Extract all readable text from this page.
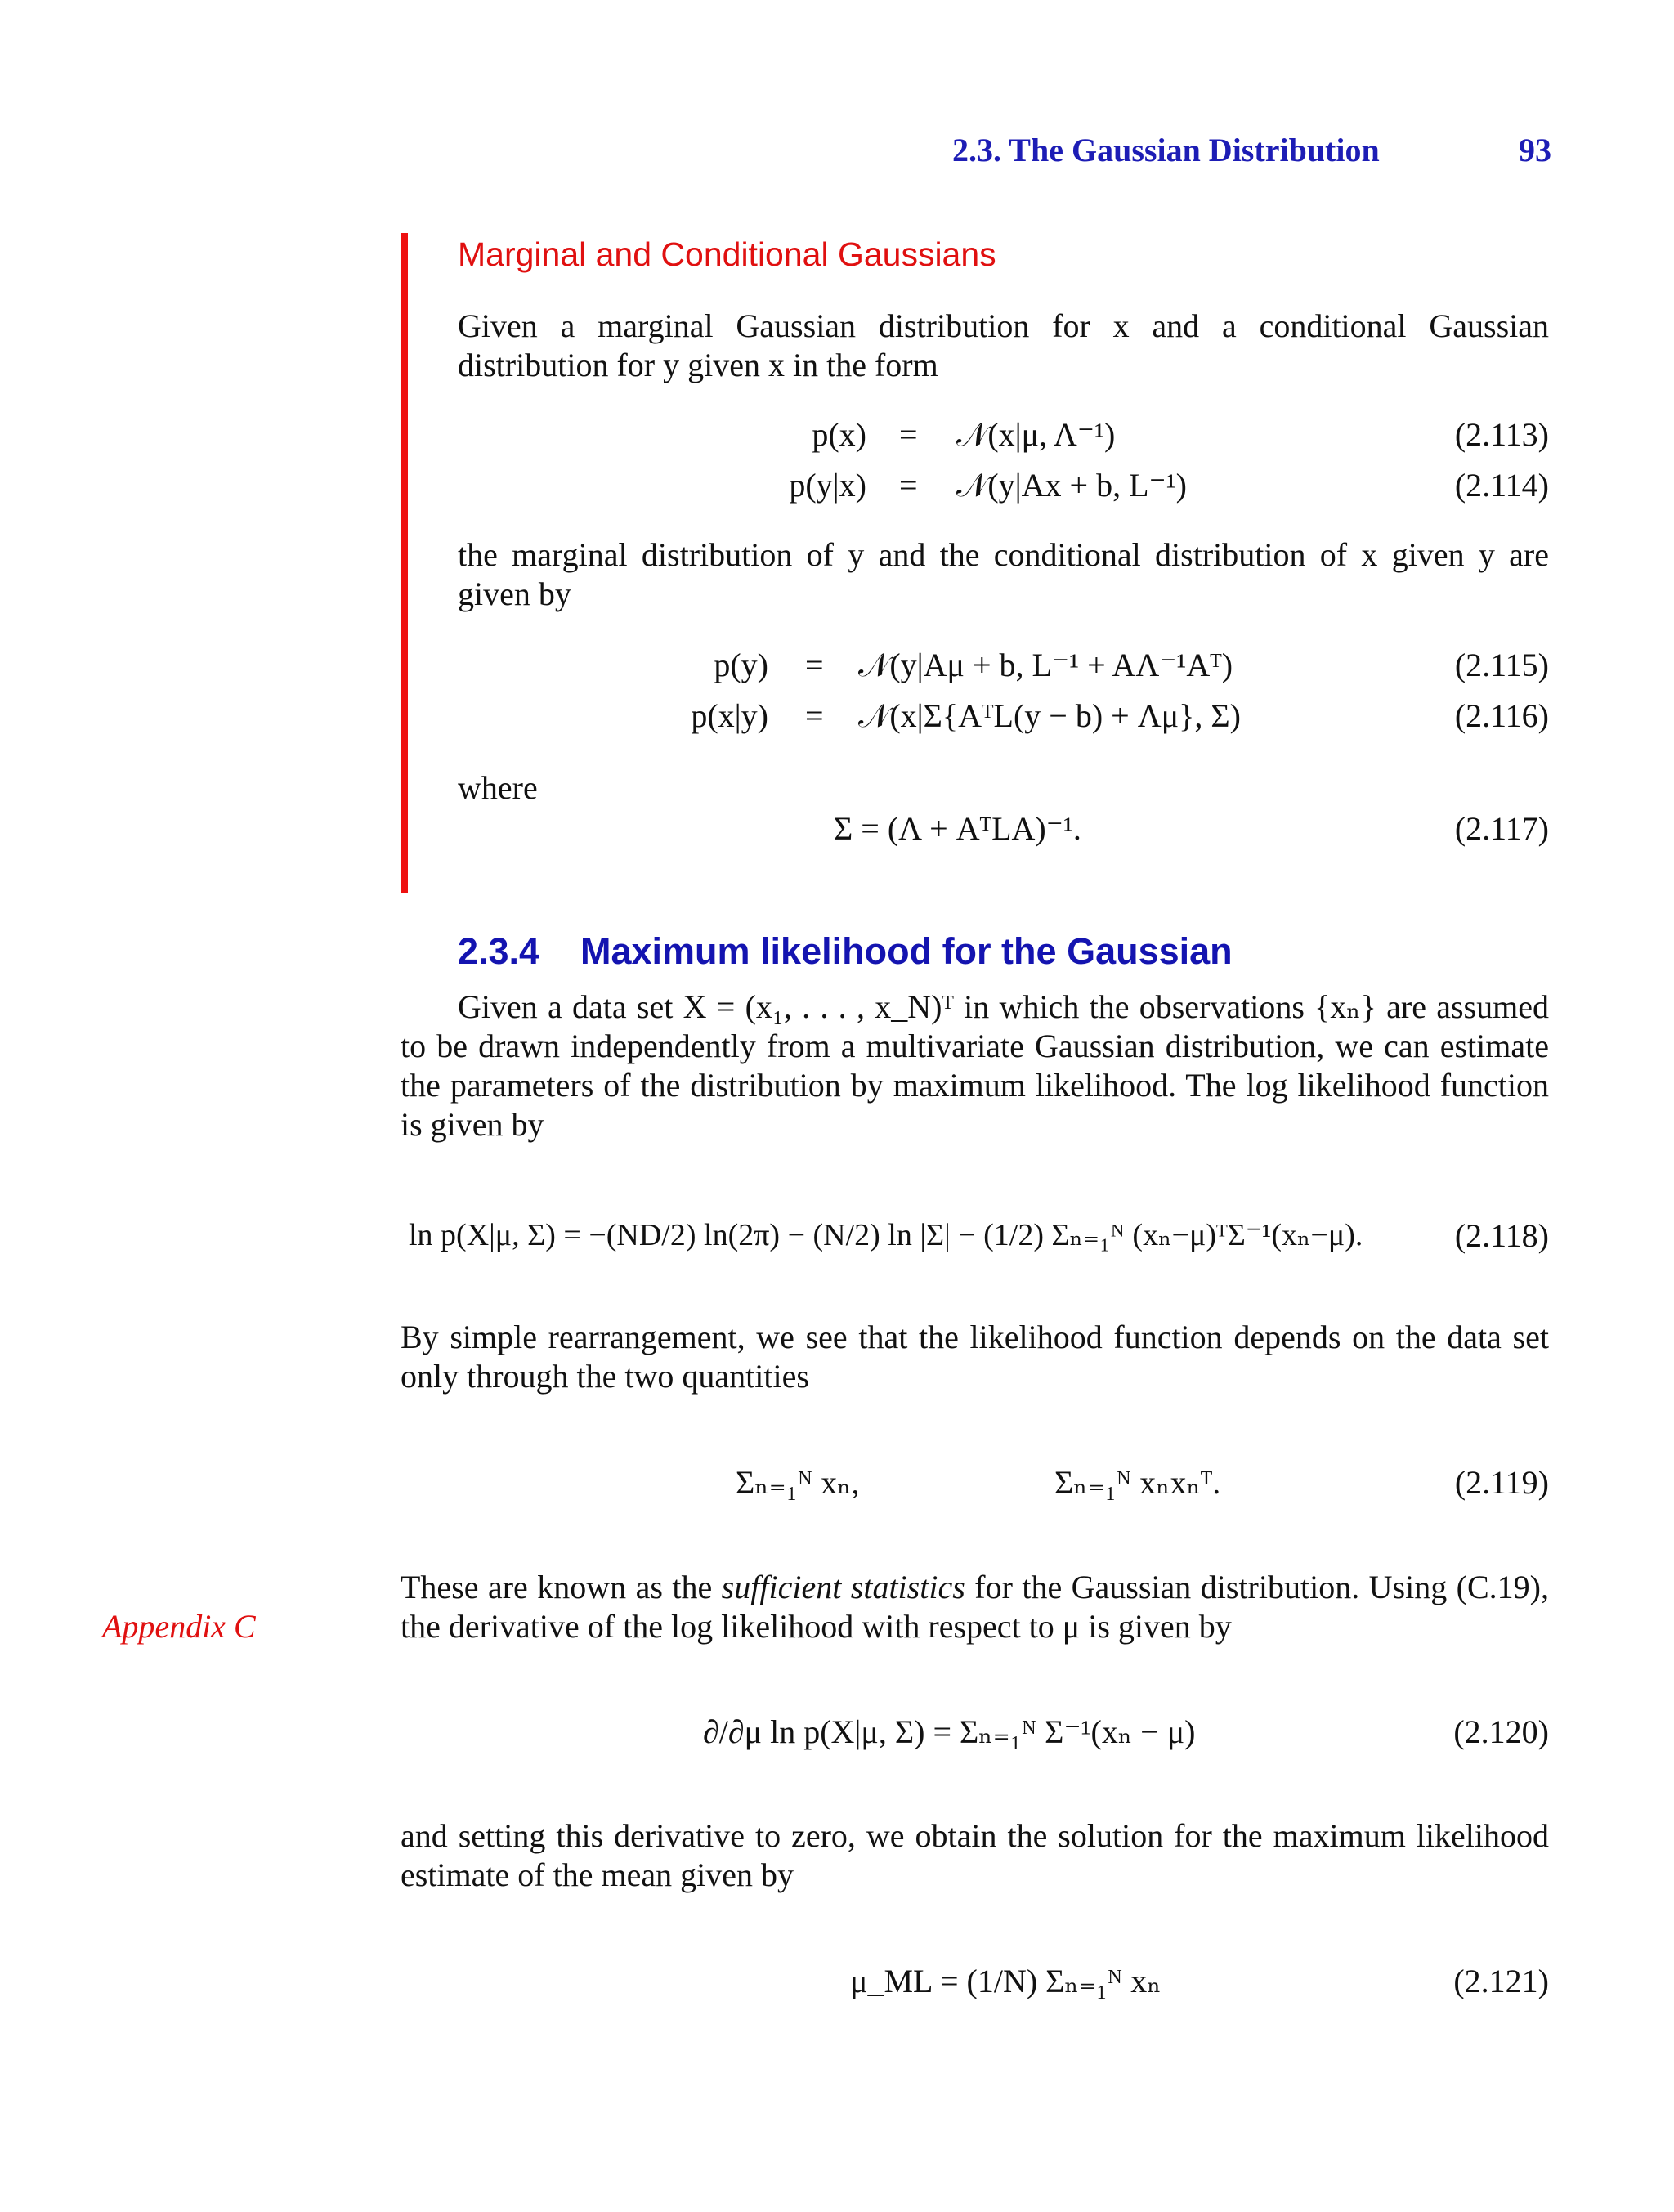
2.3. The Gaussian Distribution	93
Marginal and Conditional Gaussians
Given a marginal Gaussian distribution for x and a conditional Gaussian distribution for y given x in the form
p(x) = 𝒩(x|μ, Λ⁻¹)	(2.113)
p(y|x) = 𝒩(y|Ax + b, L⁻¹)	(2.114)
the marginal distribution of y and the conditional distribution of x given y are given by
p(y) = 𝒩(y|Aμ + b, L⁻¹ + AΛ⁻¹Aᵀ)	(2.115)
p(x|y) = 𝒩(x|Σ{AᵀL(y − b) + Λμ}, Σ)	(2.116)
where
Σ = (Λ + AᵀLA)⁻¹.	(2.117)
2.3.4 Maximum likelihood for the Gaussian
Given a data set X = (x₁, . . . , x_N)ᵀ in which the observations {xₙ} are assumed to be drawn independently from a multivariate Gaussian distribution, we can estimate the parameters of the distribution by maximum likelihood. The log likelihood function is given by
ln p(X|μ, Σ) = −(ND/2) ln(2π) − (N/2) ln |Σ| − (1/2) Σₙ₌₁ᴺ (xₙ−μ)ᵀΣ⁻¹(xₙ−μ).	(2.118)
By simple rearrangement, we see that the likelihood function depends on the data set only through the two quantities
Σₙ₌₁ᴺ xₙ,	Σₙ₌₁ᴺ xₙxₙᵀ.	(2.119)
Appendix C
These are known as the sufficient statistics for the Gaussian distribution. Using (C.19), the derivative of the log likelihood with respect to μ is given by
∂/∂μ ln p(X|μ, Σ) = Σₙ₌₁ᴺ Σ⁻¹(xₙ − μ)	(2.120)
and setting this derivative to zero, we obtain the solution for the maximum likelihood estimate of the mean given by
μ_ML = (1/N) Σₙ₌₁ᴺ xₙ	(2.121)
